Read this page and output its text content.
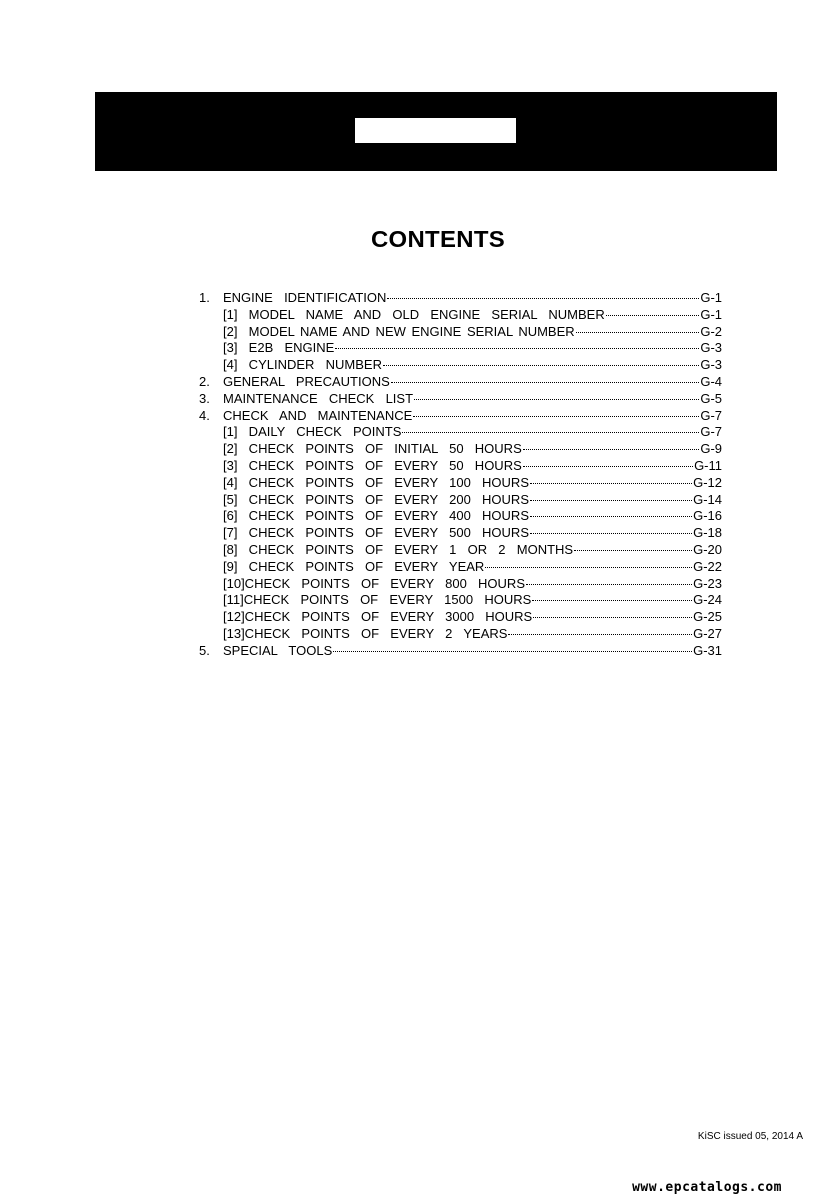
CONTENTS
1.	ENGINE  IDENTIFICATION	G-1
[1]  MODEL  NAME  AND  OLD  ENGINE  SERIAL  NUMBER	G-1
[2]  MODEL NAME AND NEW ENGINE SERIAL NUMBER	G-2
[3]  E2B  ENGINE	G-3
[4]  CYLINDER  NUMBER	G-3
2.	GENERAL  PRECAUTIONS	G-4
3.	MAINTENANCE  CHECK  LIST	G-5
4.	CHECK  AND  MAINTENANCE	G-7
[1]  DAILY  CHECK  POINTS	G-7
[2]  CHECK  POINTS  OF  INITIAL  50  HOURS	G-9
[3]  CHECK  POINTS  OF  EVERY  50  HOURS	G-11
[4]  CHECK  POINTS  OF  EVERY  100  HOURS	G-12
[5]  CHECK  POINTS  OF  EVERY  200  HOURS	G-14
[6]  CHECK  POINTS  OF  EVERY  400  HOURS	G-16
[7]  CHECK  POINTS  OF  EVERY  500  HOURS	G-18
[8]  CHECK  POINTS  OF  EVERY  1  OR  2  MONTHS	G-20
[9]  CHECK  POINTS  OF  EVERY  YEAR	G-22
[10]CHECK  POINTS  OF  EVERY  800  HOURS	G-23
[11]CHECK  POINTS  OF  EVERY  1500  HOURS	G-24
[12]CHECK  POINTS  OF  EVERY  3000  HOURS	G-25
[13]CHECK  POINTS  OF  EVERY  2  YEARS	G-27
5.	SPECIAL  TOOLS	G-31
KiSC issued 05, 2014 A
www.epcatalogs.com
